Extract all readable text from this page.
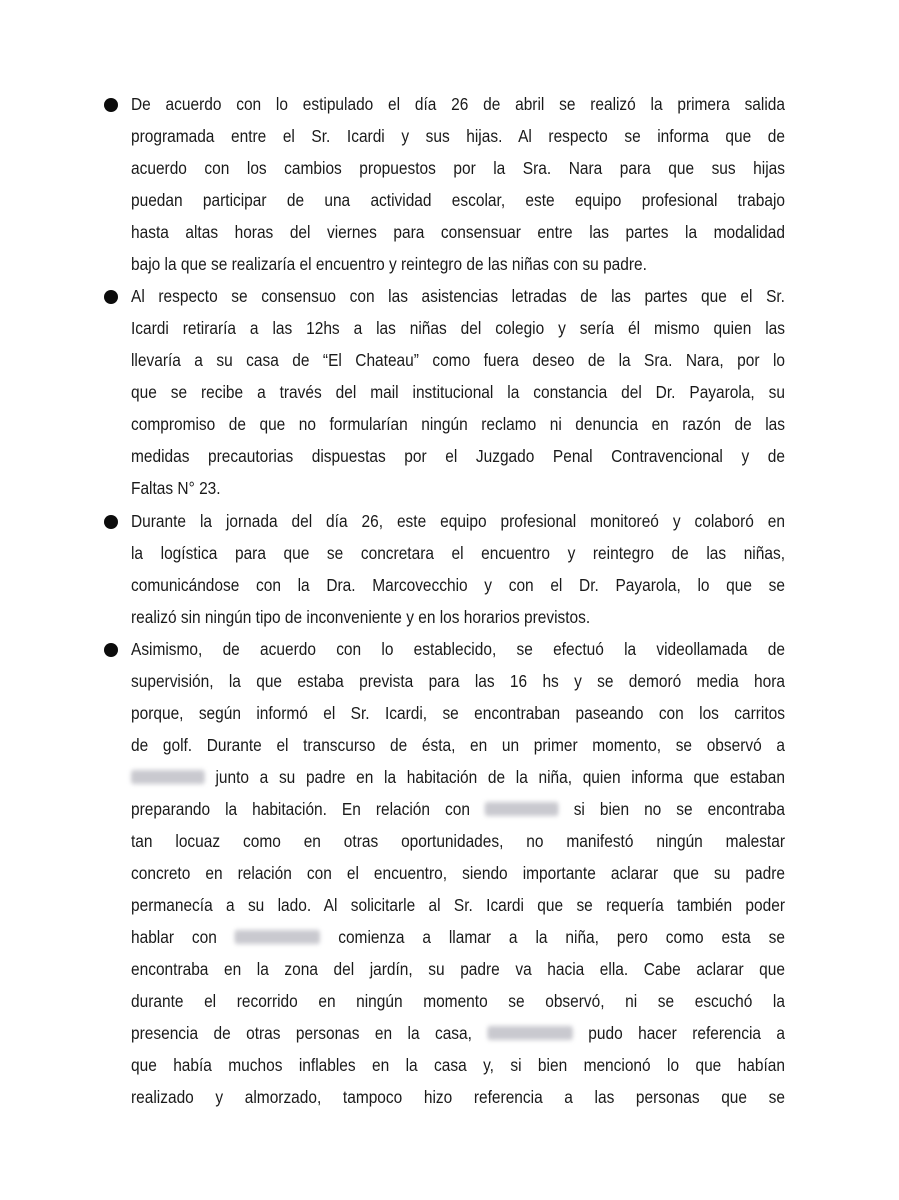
De acuerdo con lo estipulado el día 26 de abril se realizó la primera salida
programada entre el Sr. Icardi y sus hijas. Al respecto se informa que de
acuerdo con los cambios propuestos por la Sra. Nara para que sus hijas
puedan participar de una actividad escolar, este equipo profesional trabajo
hasta altas horas del viernes para consensuar entre las partes la modalidad
bajo la que se realizaría el encuentro y reintegro de las niñas con su padre.
Al respecto se consensuo con las asistencias letradas de las partes que el Sr.
Icardi retiraría a las 12hs a las niñas del colegio y sería él mismo quien las
llevaría a su casa de “El Chateau” como fuera deseo de la Sra. Nara, por lo
que se recibe a través del mail institucional la constancia del Dr. Payarola, su
compromiso de que no formularían ningún reclamo ni denuncia en razón de las
medidas precautorias dispuestas por el Juzgado Penal Contravencional y de
Faltas N° 23.
Durante la jornada del día 26, este equipo profesional monitoreó y colaboró en
la logística para que se concretara el encuentro y reintegro de las niñas,
comunicándose con la Dra. Marcovecchio y con el Dr. Payarola, lo que se
realizó sin ningún tipo de inconveniente y en los horarios previstos.
Asimismo, de acuerdo con lo establecido, se efectuó la videollamada de
supervisión, la que estaba prevista para las 16 hs y se demoró media hora
porque, según informó el Sr. Icardi, se encontraban paseando con los carritos
de golf. Durante el transcurso de ésta, en un primer momento, se observó a
junto a su padre en la habitación de la niña, quien informa que estaban
preparando la habitación. En relación con	si bien no se encontraba
tan locuaz como en otras oportunidades, no manifestó ningún malestar
concreto en relación con el encuentro, siendo importante aclarar que su padre
permanecía a su lado. Al solicitarle al Sr. Icardi que se requería también poder
hablar con	comienza a llamar a la niña, pero como esta se
encontraba en la zona del jardín, su padre va hacia ella. Cabe aclarar que
durante el recorrido en ningún momento se observó, ni se escuchó la
presencia de otras personas en la casa,	pudo hacer referencia a
que había muchos inflables en la casa y, si bien mencionó lo que habían
realizado y almorzado, tampoco hizo referencia a las personas que se
